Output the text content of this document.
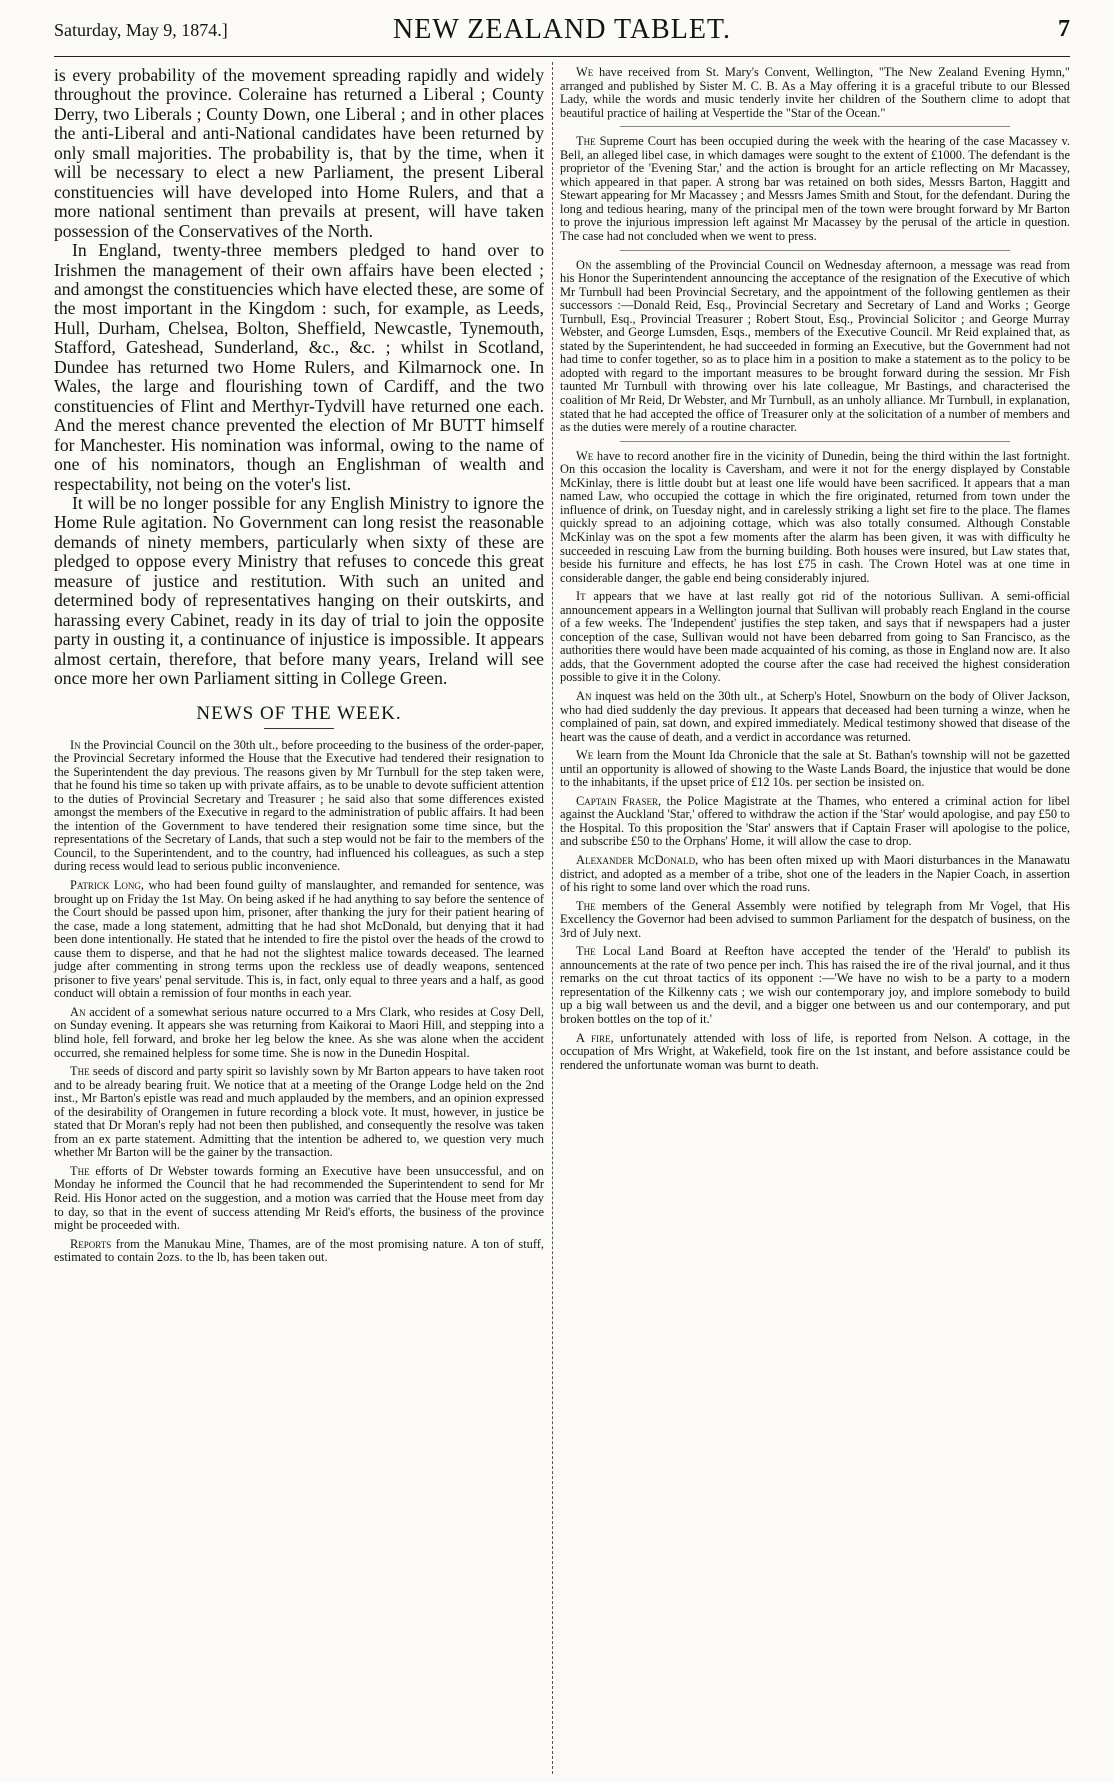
Saturday, May 9, 1874.]	NEW ZEALAND TABLET.	7

is every probability of the movement spreading rapidly and widely throughout the province. Coleraine has returned a Liberal ; County Derry, two Liberals ; County Down, one Liberal ; and in other places the anti-Liberal and anti-National candidates have been returned by only small majorities. The probability is, that by the time, when it will be necessary to elect a new Parliament, the present Liberal constituencies will have developed into Home Rulers, and that a more national sentiment than prevails at present, will have taken possession of the Conservatives of the North.

In England, twenty-three members pledged to hand over to Irishmen the management of their own affairs have been elected ; and amongst the constituencies which have elected these, are some of the most important in the Kingdom : such, for example, as Leeds, Hull, Durham, Chelsea, Bolton, Sheffield, Newcastle, Tynemouth, Stafford, Gateshead, Sunderland, &c., &c. ; whilst in Scotland, Dundee has returned two Home Rulers, and Kilmarnock one. In Wales, the large and flourishing town of Cardiff, and the two constituencies of Flint and Merthyr-Tydvill have returned one each. And the merest chance prevented the election of Mr BUTT himself for Manchester. His nomination was informal, owing to the name of one of his nominators, though an Englishman of wealth and respectability, not being on the voter's list.

It will be no longer possible for any English Ministry to ignore the Home Rule agitation. No Government can long resist the reasonable demands of ninety members, particularly when sixty of these are pledged to oppose every Ministry that refuses to concede this great measure of justice and restitution. With such an united and determined body of representatives hanging on their outskirts, and harassing every Cabinet, ready in its day of trial to join the opposite party in ousting it, a continuance of injustice is impossible. It appears almost certain, therefore, that before many years, Ireland will see once more her own Parliament sitting in College Green.

NEWS OF THE WEEK.

In the Provincial Council on the 30th ult., before proceeding to the business of the order-paper, the Provincial Secretary informed the House that the Executive had tendered their resignation to the Superintendent the day previous. The reasons given by Mr Turnbull for the step taken were, that he found his time so taken up with private affairs, as to be unable to devote sufficient attention to the duties of Provincial Secretary and Treasurer ; he said also that some differences existed amongst the members of the Executive in regard to the administration of public affairs. It had been the intention of the Government to have tendered their resignation some time since, but the representations of the Secretary of Lands, that such a step would not be fair to the members of the Council, to the Superintendent, and to the country, had influenced his colleagues, as such a step during recess would lead to serious public inconvenience.

Patrick Long, who had been found guilty of manslaughter, and remanded for sentence, was brought up on Friday the 1st May. On being asked if he had anything to say before the sentence of the Court should be passed upon him, prisoner, after thanking the jury for their patient hearing of the case, made a long statement, admitting that he had shot McDonald, but denying that it had been done intentionally. He stated that he intended to fire the pistol over the heads of the crowd to cause them to disperse, and that he had not the slightest malice towards deceased. The learned judge after commenting in strong terms upon the reckless use of deadly weapons, sentenced prisoner to five years' penal servitude. This is, in fact, only equal to three years and a half, as good conduct will obtain a remission of four months in each year.

An accident of a somewhat serious nature occurred to a Mrs Clark, who resides at Cosy Dell, on Sunday evening. It appears she was returning from Kaikorai to Maori Hill, and stepping into a blind hole, fell forward, and broke her leg below the knee. As she was alone when the accident occurred, she remained helpless for some time. She is now in the Dunedin Hospital.

The seeds of discord and party spirit so lavishly sown by Mr Barton appears to have taken root and to be already bearing fruit. We notice that at a meeting of the Orange Lodge held on the 2nd inst., Mr Barton's epistle was read and much applauded by the members, and an opinion expressed of the desirability of Orangemen in future recording a block vote. It must, however, in justice be stated that Dr Moran's reply had not been then published, and consequently the resolve was taken from an ex parte statement. Admitting that the intention be adhered to, we question very much whether Mr Barton will be the gainer by the transaction.

The efforts of Dr Webster towards forming an Executive have been unsuccessful, and on Monday he informed the Council that he had recommended the Superintendent to send for Mr Reid. His Honor acted on the suggestion, and a motion was carried that the House meet from day to day, so that in the event of success attending Mr Reid's efforts, the business of the province might be proceeded with.

Reports from the Manukau Mine, Thames, are of the most promising nature. A ton of stuff, estimated to contain 2ozs. to the lb, has been taken out.

We have received from St. Mary's Convent, Wellington, "The New Zealand Evening Hymn," arranged and published by Sister M. C. B. As a May offering it is a graceful tribute to our Blessed Lady, while the words and music tenderly invite her children of the Southern clime to adopt that beautiful practice of hailing at Vespertide the "Star of the Ocean."

The Supreme Court has been occupied during the week with the hearing of the case Macassey v. Bell, an alleged libel case, in which damages were sought to the extent of £1000. The defendant is the proprietor of the 'Evening Star,' and the action is brought for an article reflecting on Mr Macassey, which appeared in that paper. A strong bar was retained on both sides, Messrs Barton, Haggitt and Stewart appearing for Mr Macassey ; and Messrs James Smith and Stout, for the defendant. During the long and tedious hearing, many of the principal men of the town were brought forward by Mr Barton to prove the injurious impression left against Mr Macassey by the perusal of the article in question. The case had not concluded when we went to press.

On the assembling of the Provincial Council on Wednesday afternoon, a message was read from his Honor the Superintendent announcing the acceptance of the resignation of the Executive of which Mr Turnbull had been Provincial Secretary, and the appointment of the following gentlemen as their successors :—Donald Reid, Esq., Provincial Secretary and Secretary of Land and Works ; George Turnbull, Esq., Provincial Treasurer ; Robert Stout, Esq., Provincial Solicitor ; and George Murray Webster, and George Lumsden, Esqs., members of the Executive Council. Mr Reid explained that, as stated by the Superintendent, he had succeeded in forming an Executive, but the Government had not had time to confer together, so as to place him in a position to make a statement as to the policy to be adopted with regard to the important measures to be brought forward during the session. Mr Fish taunted Mr Turnbull with throwing over his late colleague, Mr Bastings, and characterised the coalition of Mr Reid, Dr Webster, and Mr Turnbull, as an unholy alliance. Mr Turnbull, in explanation, stated that he had accepted the office of Treasurer only at the solicitation of a number of members and as the duties were merely of a routine character.

We have to record another fire in the vicinity of Dunedin, being the third within the last fortnight. On this occasion the locality is Caversham, and were it not for the energy displayed by Constable McKinlay, there is little doubt but at least one life would have been sacrificed. It appears that a man named Law, who occupied the cottage in which the fire originated, returned from town under the influence of drink, on Tuesday night, and in carelessly striking a light set fire to the place. The flames quickly spread to an adjoining cottage, which was also totally consumed. Although Constable McKinlay was on the spot a few moments after the alarm has been given, it was with difficulty he succeeded in rescuing Law from the burning building. Both houses were insured, but Law states that, beside his furniture and effects, he has lost £75 in cash. The Crown Hotel was at one time in considerable danger, the gable end being considerably injured.

It appears that we have at last really got rid of the notorious Sullivan. A semi-official announcement appears in a Wellington journal that Sullivan will probably reach England in the course of a few weeks. The 'Independent' justifies the step taken, and says that if newspapers had a juster conception of the case, Sullivan would not have been debarred from going to San Francisco, as the authorities there would have been made acquainted of his coming, as those in England now are. It also adds, that the Government adopted the course after the case had received the highest consideration possible to give it in the Colony.

An inquest was held on the 30th ult., at Scherp's Hotel, Snowburn on the body of Oliver Jackson, who had died suddenly the day previous. It appears that deceased had been turning a winze, when he complained of pain, sat down, and expired immediately. Medical testimony showed that disease of the heart was the cause of death, and a verdict in accordance was returned.

We learn from the Mount Ida Chronicle that the sale at St. Bathan's township will not be gazetted until an opportunity is allowed of showing to the Waste Lands Board, the injustice that would be done to the inhabitants, if the upset price of £12 10s. per section be insisted on.

Captain Fraser, the Police Magistrate at the Thames, who entered a criminal action for libel against the Auckland 'Star,' offered to withdraw the action if the 'Star' would apologise, and pay £50 to the Hospital. To this proposition the 'Star' answers that if Captain Fraser will apologise to the police, and subscribe £50 to the Orphans' Home, it will allow the case to drop.

Alexander McDonald, who has been often mixed up with Maori disturbances in the Manawatu district, and adopted as a member of a tribe, shot one of the leaders in the Napier Coach, in assertion of his right to some land over which the road runs.

The members of the General Assembly were notified by telegraph from Mr Vogel, that His Excellency the Governor had been advised to summon Parliament for the despatch of business, on the 3rd of July next.

The Local Land Board at Reefton have accepted the tender of the 'Herald' to publish its announcements at the rate of two pence per inch. This has raised the ire of the rival journal, and it thus remarks on the cut throat tactics of its opponent :—'We have no wish to be a party to a modern representation of the Kilkenny cats ; we wish our contemporary joy, and implore somebody to build up a big wall between us and the devil, and a bigger one between us and our contemporary, and put broken bottles on the top of it.'

A fire, unfortunately attended with loss of life, is reported from Nelson. A cottage, in the occupation of Mrs Wright, at Wakefield, took fire on the 1st instant, and before assistance could be rendered the unfortunate woman was burnt to death.
